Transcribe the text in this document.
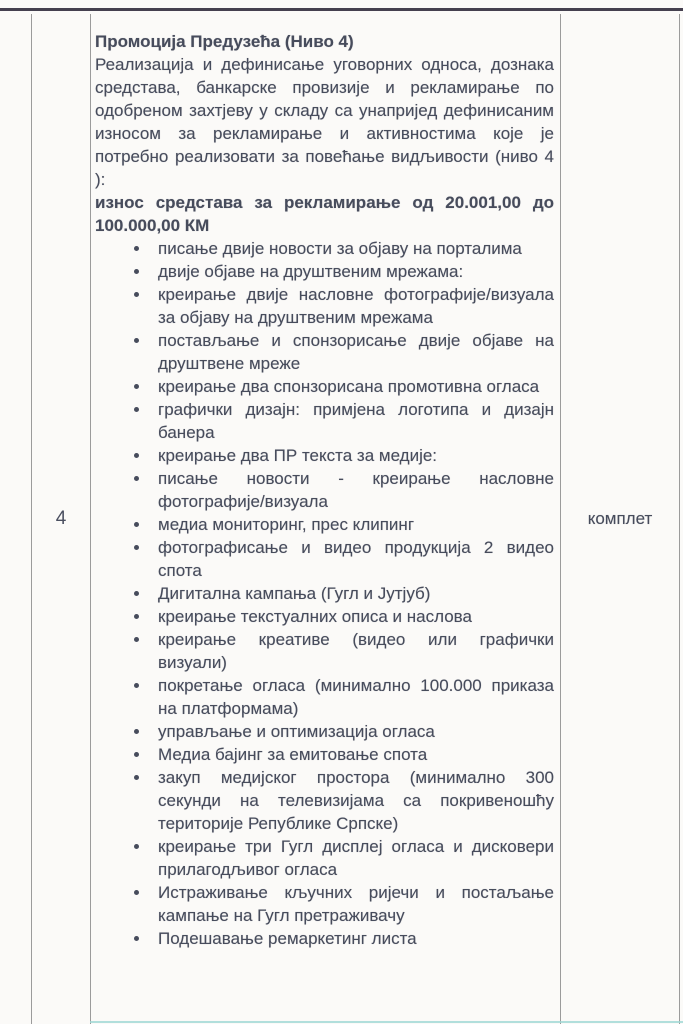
4

Промоција Предузећа (Ниво 4)

Реализација и дефинисање уговорних односа, дознака средстава, банкарске провизије и рекламирање по одобреном захтјеву у складу са унапријед дефинисаним износом за рекламирање и активностима које је потребно реализовати за повећање видљивости (ниво 4 ):

износ средстава за рекламирање од 20.001,00 до 100.000,00 КМ

писање двије новости за објаву на порталима
двије објаве на друштвеним мрежама:
креирање двије насловне фотографије/визуала за објаву на друштвеним мрежама
постављање и спонзорисање двије објаве на друштвене мреже
креирање два спонзорисана промотивна огласа
графички дизајн: примјена логотипа и дизајн банера
креирање два ПР текста за медије:
писање новости - креирање насловне фотографије/визуала
медиа мониторинг, прес клипинг
фотографисање и видео продукција 2 видео спота
Дигитална кампања (Гугл и Јутјуб)
креирање текстуалних описа и наслова
креирање креативе (видео или графички визуали)
покретање огласа (минимално 100.000 приказа на платформама)
управљање и оптимизација огласа
Медиа бајинг за емитовање спота
закуп медијског простора (минимално 300 секунди на телевизијама са покривеношћу територије Републике Српске)
креирање три Гугл дисплеј огласа и дисковери прилагодљивог огласа
Истраживање кључних ријечи и постаљање кампање на Гугл претраживачу
Подешавање ремаркетинг листа
комплет
